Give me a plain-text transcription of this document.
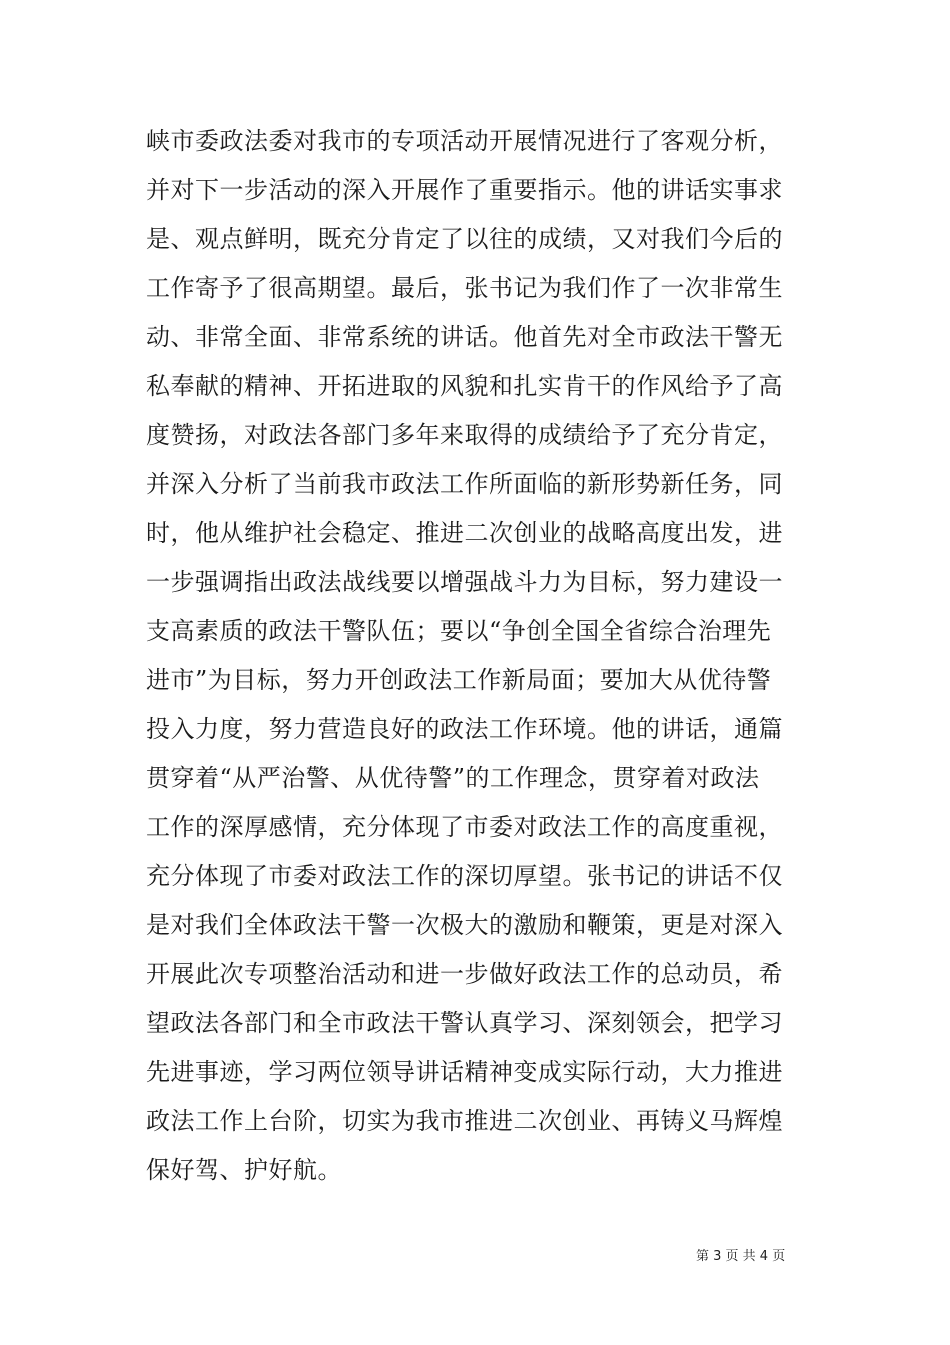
峡市委政法委对我市的专项活动开展情况进行了客观分析，
并对下一步活动的深入开展作了重要指示。他的讲话实事求
是、观点鲜明，既充分肯定了以往的成绩，又对我们今后的
工作寄予了很高期望。最后，张书记为我们作了一次非常生
动、非常全面、非常系统的讲话。他首先对全市政法干警无
私奉献的精神、开拓进取的风貌和扎实肯干的作风给予了高
度赞扬，对政法各部门多年来取得的成绩给予了充分肯定，
并深入分析了当前我市政法工作所面临的新形势新任务，同
时，他从维护社会稳定、推进二次创业的战略高度出发，进
一步强调指出政法战线要以增强战斗力为目标，努力建设一
支高素质的政法干警队伍；要以“争创全国全省综合治理先
进市”为目标，努力开创政法工作新局面；要加大从优待警
投入力度，努力营造良好的政法工作环境。他的讲话，通篇
贯穿着“从严治警、从优待警”的工作理念，贯穿着对政法
工作的深厚感情，充分体现了市委对政法工作的高度重视，
充分体现了市委对政法工作的深切厚望。张书记的讲话不仅
是对我们全体政法干警一次极大的激励和鞭策，更是对深入
开展此次专项整治活动和进一步做好政法工作的总动员，希
望政法各部门和全市政法干警认真学习、深刻领会，把学习
先进事迹，学习两位领导讲话精神变成实际行动，大力推进
政法工作上台阶，切实为我市推进二次创业、再铸义马辉煌
保好驾、护好航。
第 3 页 共 4 页
